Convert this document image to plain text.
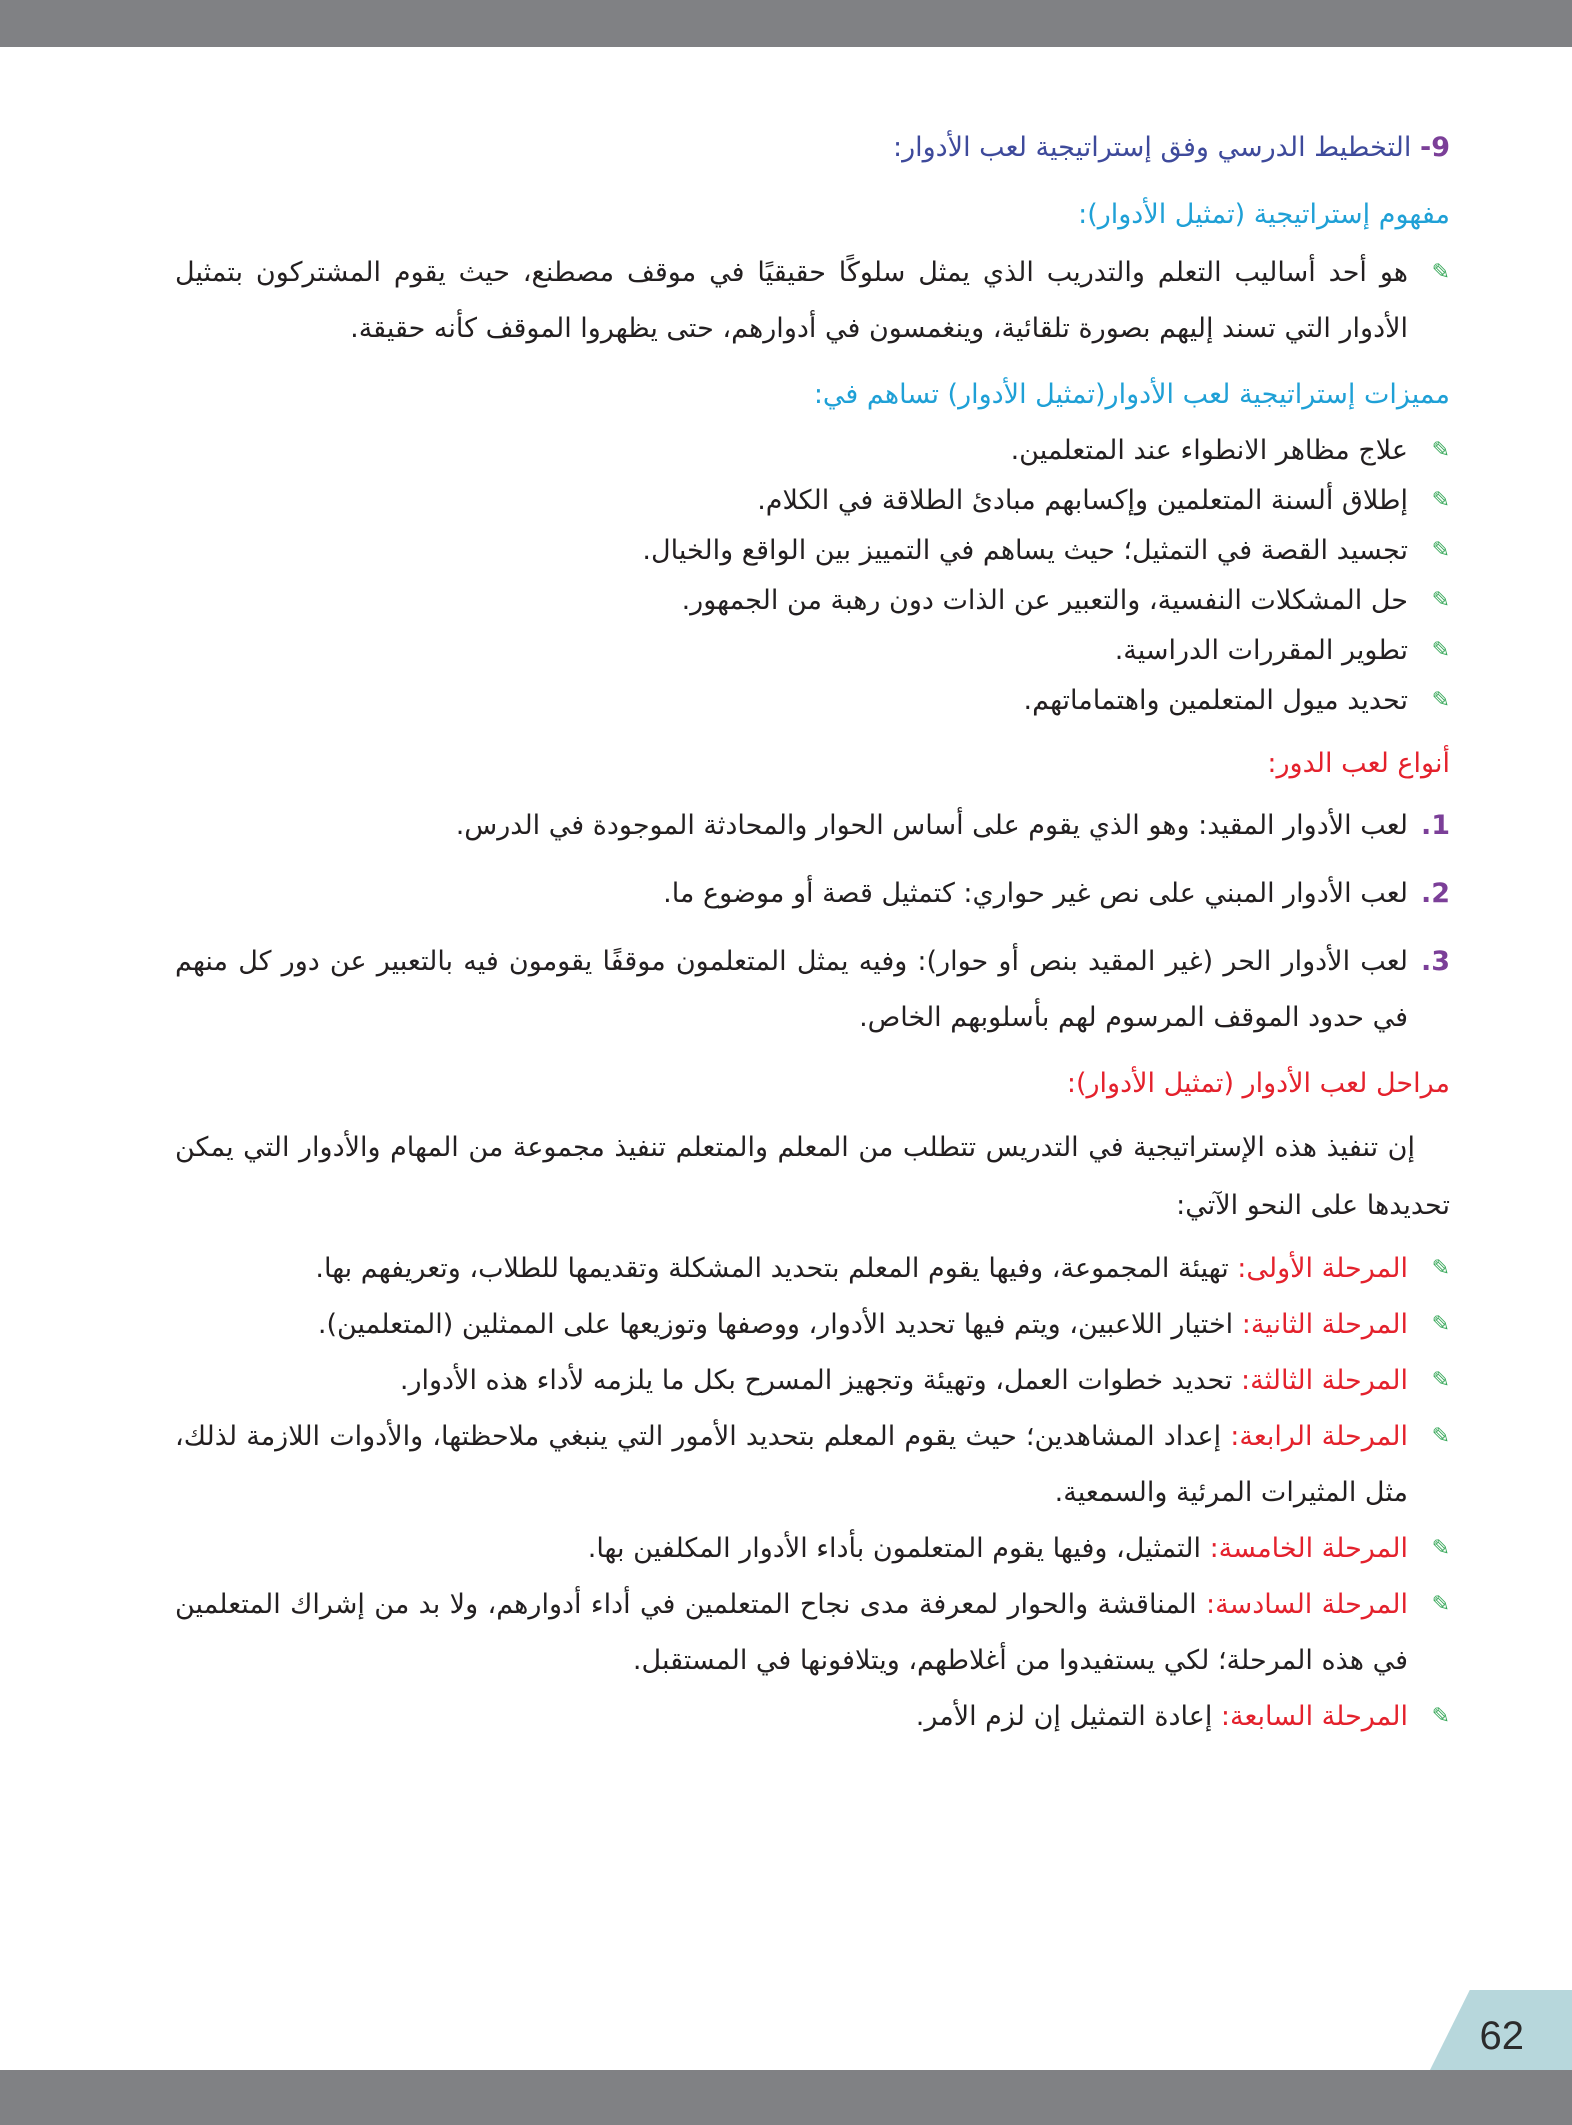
9- التخطيط الدرسي وفق إستراتيجية لعب الأدوار:
مفهوم إستراتيجية (تمثيل الأدوار):
✎
هو أحد أساليب التعلم والتدريب الذي يمثل سلوكًا حقيقيًا في موقف مصطنع، حيث يقوم المشتركون بتمثيل الأدوار التي تسند إليهم بصورة تلقائية، وينغمسون في أدوارهم، حتى يظهروا الموقف كأنه حقيقة.
مميزات إستراتيجية لعب الأدوار(تمثيل الأدوار) تساهم في:
✎
علاج مظاهر الانطواء عند المتعلمين.
✎
إطلاق ألسنة المتعلمين وإكسابهم مبادئ الطلاقة في الكلام.
✎
تجسيد القصة في التمثيل؛ حيث يساهم في التمييز بين الواقع والخيال.
✎
حل المشكلات النفسية، والتعبير عن الذات دون رهبة من الجمهور.
✎
تطوير المقررات الدراسية.
✎
تحديد ميول المتعلمين واهتماماتهم.
أنواع لعب الدور:
1.
لعب الأدوار المقيد: وهو الذي يقوم على أساس الحوار والمحادثة الموجودة في الدرس.
2.
لعب الأدوار المبني على نص غير حواري: كتمثيل قصة أو موضوع ما.
3.
لعب الأدوار الحر (غير المقيد بنص أو حوار): وفيه يمثل المتعلمون موقفًا يقومون فيه بالتعبير عن دور كل منهم في حدود الموقف المرسوم لهم بأسلوبهم الخاص.
مراحل لعب الأدوار (تمثيل الأدوار):

إن تنفيذ هذه الإستراتيجية في التدريس تتطلب من المعلم والمتعلم تنفيذ مجموعة من المهام والأدوار التي يمكن تحديدها على النحو الآتي:

✎
المرحلة الأولى: تهيئة المجموعة، وفيها يقوم المعلم بتحديد المشكلة وتقديمها للطلاب، وتعريفهم بها.
✎
المرحلة الثانية: اختيار اللاعبين، ويتم فيها تحديد الأدوار، ووصفها وتوزيعها على الممثلين (المتعلمين).
✎
المرحلة الثالثة: تحديد خطوات العمل، وتهيئة وتجهيز المسرح بكل ما يلزمه لأداء هذه الأدوار.
✎
المرحلة الرابعة: إعداد المشاهدين؛ حيث يقوم المعلم بتحديد الأمور التي ينبغي ملاحظتها، والأدوات اللازمة لذلك، مثل المثيرات المرئية والسمعية.
✎
المرحلة الخامسة: التمثيل، وفيها يقوم المتعلمون بأداء الأدوار المكلفين بها.
✎
المرحلة السادسة: المناقشة والحوار لمعرفة مدى نجاح المتعلمين في أداء أدوارهم، ولا بد من إشراك المتعلمين في هذه المرحلة؛ لكي يستفيدوا من أغلاطهم، ويتلافونها في المستقبل.
✎
المرحلة السابعة: إعادة التمثيل إن لزم الأمر.
62
